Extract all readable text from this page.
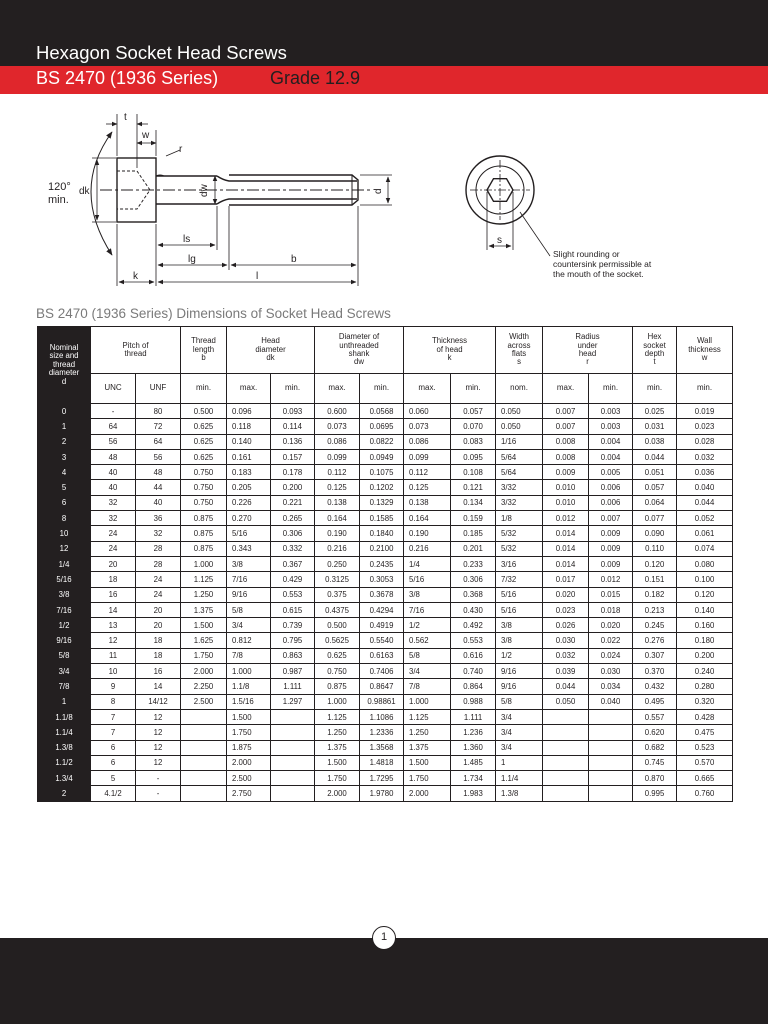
Hexagon Socket Head Screws
BS 2470 (1936 Series)	Grade 12.9
120°
min.
dk
t
w
r
dw	d
ls
lg	b
l
k
s
Slight rounding or
countersink permissible at
the mouth of the socket.
BS 2470 (1936 Series) Dimensions of Socket Head Screws
Nominal
size and
thread
diameter
d	Pitch of
thread		Thread
length
b	Head
diameter
dk		Diameter of
unthreaded
shank
dw		Thickness
of head
k		Width
across
flats
s	Radius
under
head
r		Hex
socket
depth
t	Wall
thickness
w
	UNC	UNF	min.	max.	min.	max.	min.	max.	min.	nom.	max.	min.	min.	min.
0	-	80	0.500	0.096	0.093	0.600	0.0568	0.060	0.057	0.050	0.007	0.003	0.025	0.019
1	64	72	0.625	0.118	0.114	0.073	0.0695	0.073	0.070	0.050	0.007	0.003	0.031	0.023
2	56	64	0.625	0.140	0.136	0.086	0.0822	0.086	0.083	1/16	0.008	0.004	0.038	0.028
3	48	56	0.625	0.161	0.157	0.099	0.0949	0.099	0.095	5/64	0.008	0.004	0.044	0.032
4	40	48	0.750	0.183	0.178	0.112	0.1075	0.112	0.108	5/64	0.009	0.005	0.051	0.036
5	40	44	0.750	0.205	0.200	0.125	0.1202	0.125	0.121	3/32	0.010	0.006	0.057	0.040
6	32	40	0.750	0.226	0.221	0.138	0.1329	0.138	0.134	3/32	0.010	0.006	0.064	0.044
8	32	36	0.875	0.270	0.265	0.164	0.1585	0.164	0.159	1/8	0.012	0.007	0.077	0.052
10	24	32	0.875	5/16	0.306	0.190	0.1840	0.190	0.185	5/32	0.014	0.009	0.090	0.061
12	24	28	0.875	0.343	0.332	0.216	0.2100	0.216	0.201	5/32	0.014	0.009	0.110	0.074
1/4	20	28	1.000	3/8	0.367	0.250	0.2435	1/4	0.233	3/16	0.014	0.009	0.120	0.080
5/16	18	24	1.125	7/16	0.429	0.3125	0.3053	5/16	0.306	7/32	0.017	0.012	0.151	0.100
3/8	16	24	1.250	9/16	0.553	0.375	0.3678	3/8	0.368	5/16	0.020	0.015	0.182	0.120
7/16	14	20	1.375	5/8	0.615	0.4375	0.4294	7/16	0.430	5/16	0.023	0.018	0.213	0.140
1/2	13	20	1.500	3/4	0.739	0.500	0.4919	1/2	0.492	3/8	0.026	0.020	0.245	0.160
9/16	12	18	1.625	0.812	0.795	0.5625	0.5540	0.562	0.553	3/8	0.030	0.022	0.276	0.180
5/8	11	18	1.750	7/8	0.863	0.625	0.6163	5/8	0.616	1/2	0.032	0.024	0.307	0.200
3/4	10	16	2.000	1.000	0.987	0.750	0.7406	3/4	0.740	9/16	0.039	0.030	0.370	0.240
7/8	9	14	2.250	1.1/8	1.111	0.875	0.8647	7/8	0.864	9/16	0.044	0.034	0.432	0.280
1	8	14/12	2.500	1.5/16	1.297	1.000	0.98861	1.000	0.988	5/8	0.050	0.040	0.495	0.320
1.1/8	7	12		1.500		1.125	1.1086	1.125	1.111	3/4			0.557	0.428
1.1/4	7	12		1.750		1.250	1.2336	1.250	1.236	3/4			0.620	0.475
1.3/8	6	12		1.875		1.375	1.3568	1.375	1.360	3/4			0.682	0.523
1.1/2	6	12		2.000		1.500	1.4818	1.500	1.485	1			0.745	0.570
1.3/4	5	-		2.500		1.750	1.7295	1.750	1.734	1.1/4			0.870	0.665
2	4.1/2	-		2.750		2.000	1.9780	2.000	1.983	1.3/8			0.995	0.760
1
